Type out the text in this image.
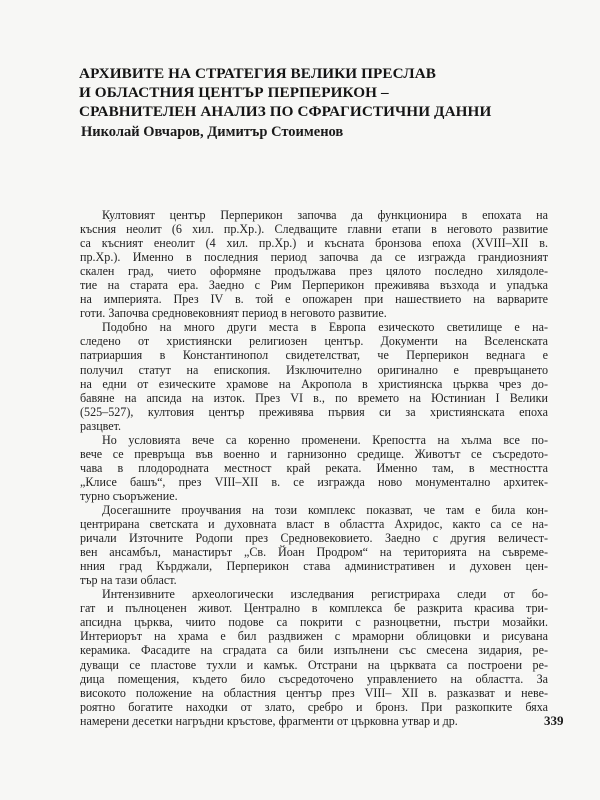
АРХИВИТЕ НА СТРАТЕГИЯ ВЕЛИКИ ПРЕСЛАВ
И ОБЛАСТНИЯ ЦЕНТЪР ПЕРПЕРИКОН –
СРАВНИТЕЛЕН АНАЛИЗ ПО СФРАГИСТИЧНИ ДАННИ
Николай Овчаров, Димитър Стоименов
Култовият център Перперикон започва да функционира в епохата на
късния неолит (6 хил. пр.Хр.). Следващите главни етапи в неговото развитие
са късният енеолит (4 хил. пр.Хр.) и късната бронзова епоха (XVIII–XII в.
пр.Хр.). Именно в последния период започва да се изгражда грандиозният
скален град, чието оформяне продължава през цялото последно хилядоле-
тие на старата ера. Заедно с Рим Перперикон преживява възхода и упадъка
на империята. През IV в. той е опожарен при нашествието на варварите
готи. Започва средновековният период в неговото развитие.
Подобно на много други места в Европа езическото светилище е на-
следено от християнски религиозен център. Документи на Вселенската
патриаршия в Константинопол свидетелстват, че Перперикон веднага е
получил статут на епископия. Изключително оригинално е превръщането
на едни от езическите храмове на Акропола в християнска църква чрез до-
бавяне на апсида на изток. През VI в., по времето на Юстиниан I Велики
(525–527), култовия център преживява първия си за християнската епоха
разцвет.
Но условията вече са коренно променени. Крепостта на хълма все по-
вече се превръща във военно и гарнизонно средище. Животът се съсредото-
чава в плодородната местност край реката. Именно там, в местността
„Клисе башъ“, през VIII–XII в. се изгражда ново монументално архитек-
турно съоръжение.
Досегашните проучвания на този комплекс показват, че там е била кон-
центрирана светската и духовната власт в областта Ахридос, както са се на-
ричали Източните Родопи през Средновековието. Заедно с другия величест-
вен ансамбъл, манастирът „Св. Йоан Продром“ на територията на съвреме-
нния град Кърджали, Перперикон става административен и духовен цен-
тър на тази област.
Интензивните археологически изследвания регистрираха следи от бо-
гат и пълноценен живот. Централно в комплекса бе разкрита красива три-
апсидна църква, чиито подове са покрити с разноцветни, пъстри мозайки.
Интериорът на храма е бил раздвижен с мраморни облицовки и рисувана
керамика. Фасадите на сградата са били изпълнени със смесена зидария, ре-
дуващи се пластове тухли и камък. Отстрани на църквата са построени ре-
дица помещения, където било съсредоточено управлението на областта. За
високото положение на областния център през VIII– XII в. разказват и неве-
роятно богатите находки от злато, сребро и бронз. При разкопките бяха
намерени десетки нагръдни кръстове, фрагменти от църковна утвар и др.	339
